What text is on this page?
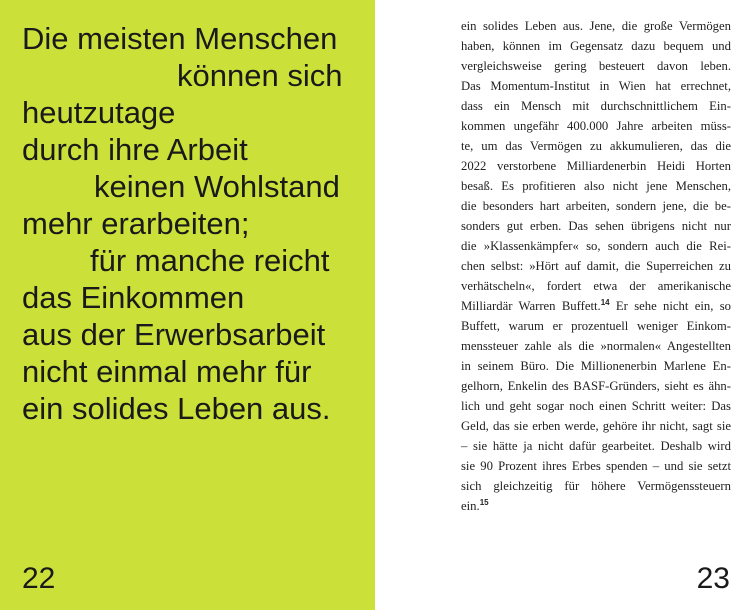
Die meisten Menschen
können sich
heutzutage
durch ihre Arbeit
keinen Wohlstand
mehr erarbeiten;
für manche reicht
das Einkommen
aus der Erwerbsarbeit
nicht einmal mehr für
ein solides Leben aus.
22
ein solides Leben aus. Jene, die große Vermögen
haben, können im Gegensatz dazu bequem und
vergleichsweise gering besteuert davon leben.
Das Momentum-Institut in Wien hat errechnet,
dass ein Mensch mit durchschnittlichem Ein-
kommen ungefähr 400.000 Jahre arbeiten müss-
te, um das Vermögen zu akkumulieren, das die
2022 verstorbene Milliardenerbin Heidi Horten
besaß. Es profitieren also nicht jene Menschen,
die besonders hart arbeiten, sondern jene, die be-
sonders gut erben. Das sehen übrigens nicht nur
die »Klassenkämpfer« so, sondern auch die Rei-
chen selbst: »Hört auf damit, die Superreichen zu
verhätscheln«, fordert etwa der amerikanische
Milliardär Warren Buffett.$^{14}$ Er sehe nicht ein, so
Buffett, warum er prozentuell weniger Einkom-
menssteuer zahle als die »normalen« Angestellten
in seinem Büro. Die Millionenerbin Marlene En-
gelhorn, Enkelin des BASF-Gründers, sieht es ähn-
lich und geht sogar noch einen Schritt weiter: Das
Geld, das sie erben werde, gehöre ihr nicht, sagt sie
– sie hätte ja nicht dafür gearbeitet. Deshalb wird
sie 90 Prozent ihres Erbes spenden – und sie setzt
sich gleichzeitig für höhere Vermögenssteuern
ein.$^{15}$
23
